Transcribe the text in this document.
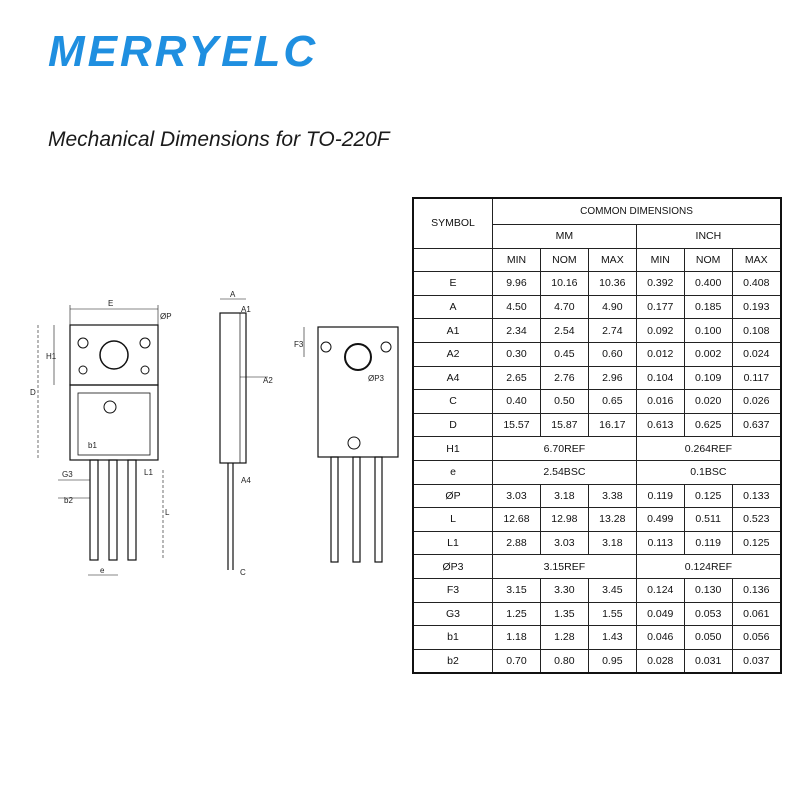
MERRYELC
Mechanical Dimensions for TO-220F
E
ØP
H1
D
b1
G3
b2
L1
L
e
A
A1
A2
A4
C
F3
ØP3
SYMBOL	COMMON DIMENSIONS					
	MM			INCH		
	MIN	NOM	MAX	MIN	NOM	MAX
E	9.96	10.16	10.36	0.392	0.400	0.408
A	4.50	4.70	4.90	0.177	0.185	0.193
A1	2.34	2.54	2.74	0.092	0.100	0.108
A2	0.30	0.45	0.60	0.012	0.002	0.024
A4	2.65	2.76	2.96	0.104	0.109	0.117
C	0.40	0.50	0.65	0.016	0.020	0.026
D	15.57	15.87	16.17	0.613	0.625	0.637
H1	6.70REF			0.264REF		
e	2.54BSC			0.1BSC		
ØP	3.03	3.18	3.38	0.119	0.125	0.133
L	12.68	12.98	13.28	0.499	0.511	0.523
L1	2.88	3.03	3.18	0.113	0.119	0.125
ØP3	3.15REF			0.124REF		
F3	3.15	3.30	3.45	0.124	0.130	0.136
G3	1.25	1.35	1.55	0.049	0.053	0.061
b1	1.18	1.28	1.43	0.046	0.050	0.056
b2	0.70	0.80	0.95	0.028	0.031	0.037
